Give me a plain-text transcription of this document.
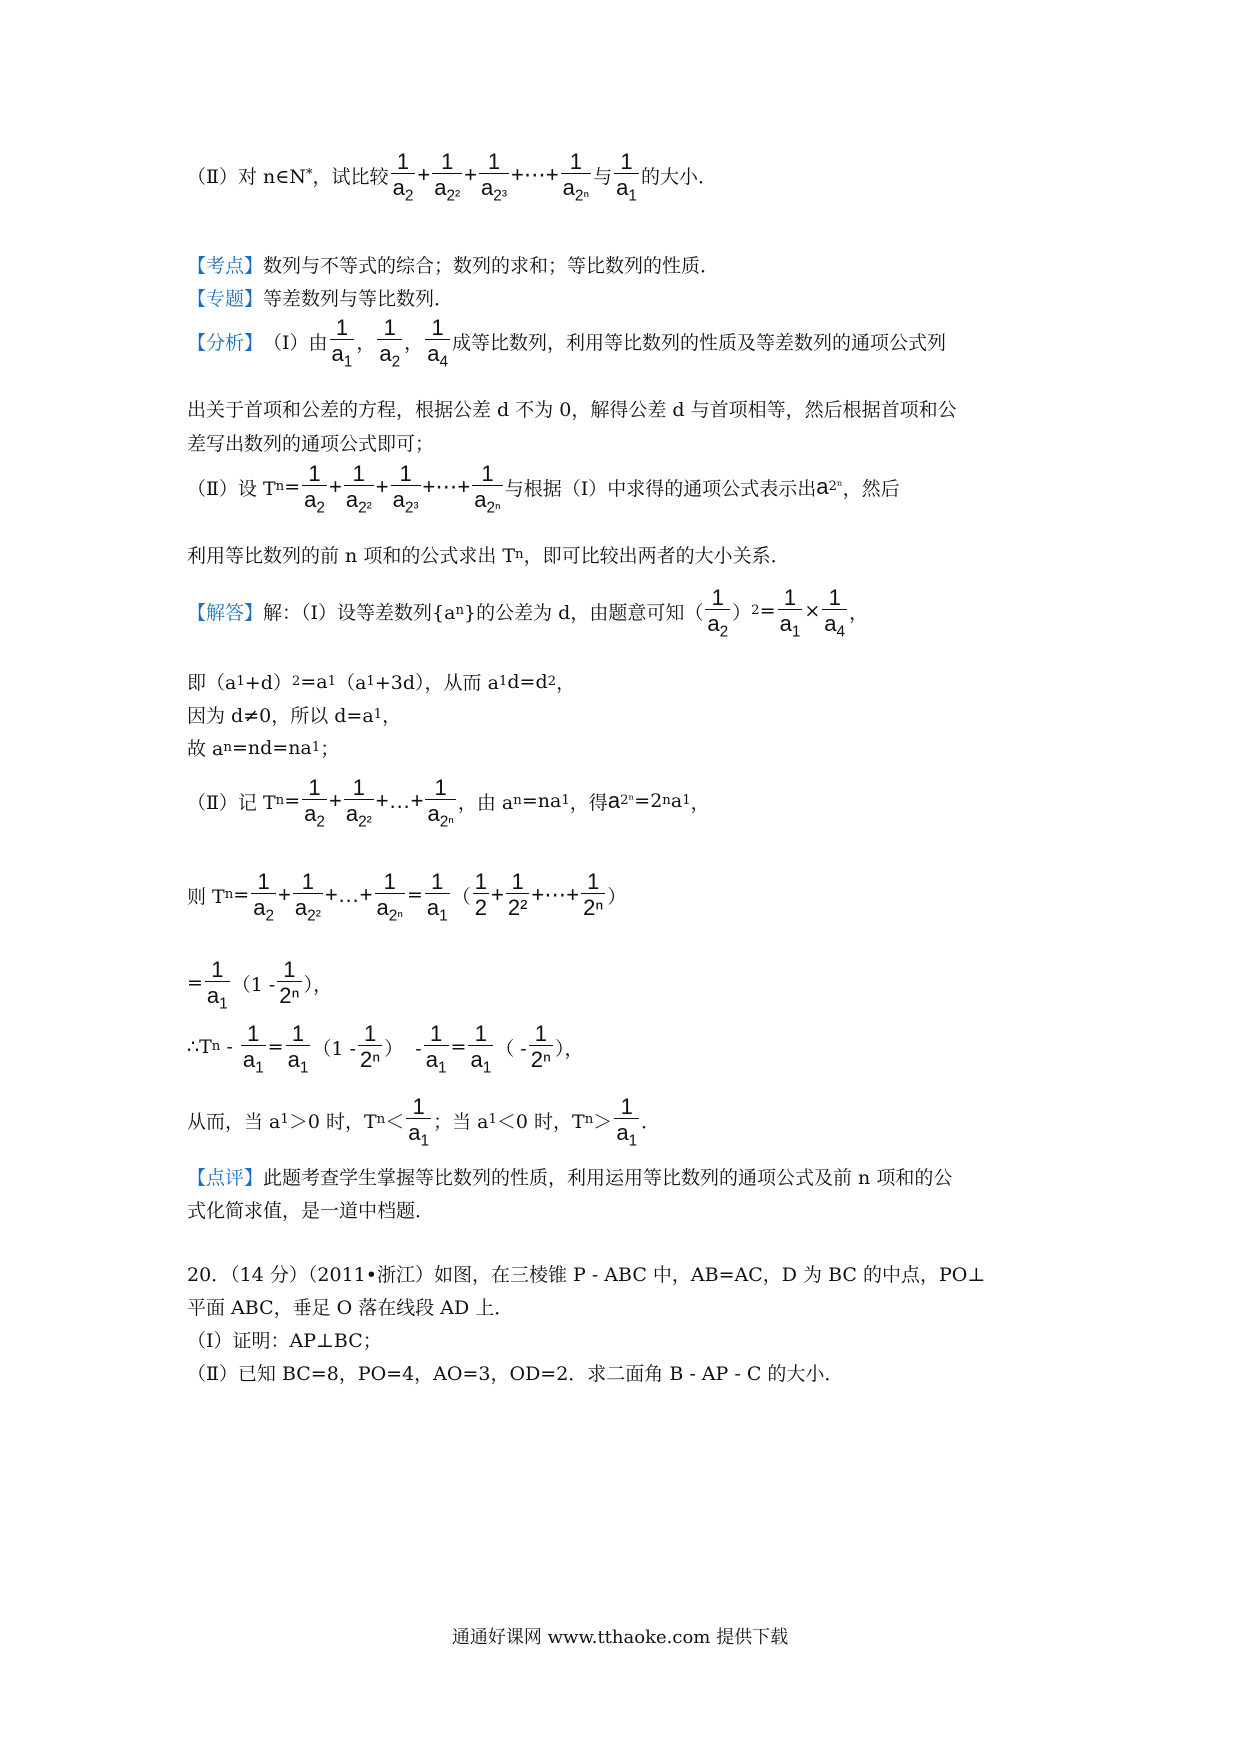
（Ⅱ）对 n∈N * ，试比较 $\frac{1}{a_2} + \frac{1}{a_{2^2}} + \frac{1}{a_{2^3}}$ +⋯+ $\frac{1}{a_{2^n}}$ 与 $\frac{1}{a_1}$ 的大小．
【考点】 数列与不等式的综合；数列的求和；等比数列的性质．
【专题】 等差数列与等比数列．
【分析】 （Ⅰ）由 $\frac{1}{a_1}$ ， $\frac{1}{a_2}$ ， $\frac{1}{a_4}$ 成等比数列，利用等比数列的性质及等差数列的通项公式列
出关于首项和公差的方程，根据公差 d 不为 0，解得公差 d 与首项相等，然后根据首项和公
差写出数列的通项公式即可；
（Ⅱ）设 T $n = \frac{1}{a_2} + \frac{1}{a_{2^2}} + \frac{1}{a_{2^3}}$ +⋯+ $\frac{1}{a_{2^n}}$ 与根据（Ⅰ）中求得的通项公式表示出 a 2ⁿ ，然后
利用等比数列的前 n 项和的公式求出 T n ，即可比较出两者的大小关系．
【解答】 解：（Ⅰ）设等差数列{a n }的公差为 d，由题意可知 （ $\frac{1}{a_2}$ ） $2 = \frac{1}{a_1} \times \frac{1}{a_4}$ ，
即（a 1 +d） 2 =a 1 （a 1 +3d），从而 a 1 d=d 2 ，
因为 d≠0，所以 d=a 1 ，
故 a n =nd=na 1 ；
（Ⅱ）记 T $n = \frac{1}{a_2} + \frac{1}{a_{2^2}}$ +…+ $\frac{1}{a_{2^n}}$ ，由 a n =na 1 ，得 a 2ⁿ =2 n a 1 ，
则 T $n = \frac{1}{a_2} + \frac{1}{a_{2^2}}$ +…+ $\frac{1}{a_{2^n}} = \frac{1}{a_1}$ （ $\frac{1}{2} + \frac{1}{\text{2²}}$ +⋯+ $\frac{1}{\text{2ⁿ}}$ ）
= $\frac{1}{a_1} (1 - \frac{1}{\text{2ⁿ}}$ ），
∴T $n - \frac{1}{a_1} = \frac{1}{a_1} (1 - \frac{1}{\text{2ⁿ}}$ ）  - $\frac{1}{a_1} = \frac{1}{a_1}$ （ - $\frac{1}{\text{2ⁿ}}$ ），
从而，当 a 1 ＞0 时，T $n < \frac{1}{a_1}$ ；当 a 1 ＜0 时，T $n > \frac{1}{a_1}$ ．
【点评】 此题考查学生掌握等比数列的性质，利用运用等比数列的通项公式及前 n 项和的公
式化简求值，是一道中档题．
20．（14 分）（2011•浙江）如图，在三棱锥 P - ABC 中，AB=AC，D 为 BC 的中点，PO⊥
平面 ABC，垂足 O 落在线段 AD 上．
（Ⅰ）证明：AP⊥BC；
（Ⅱ）已知 BC=8，PO=4，AO=3，OD=2．求二面角 B - AP - C 的大小．
通通好课网 www.tthaoke.com 提供下载
